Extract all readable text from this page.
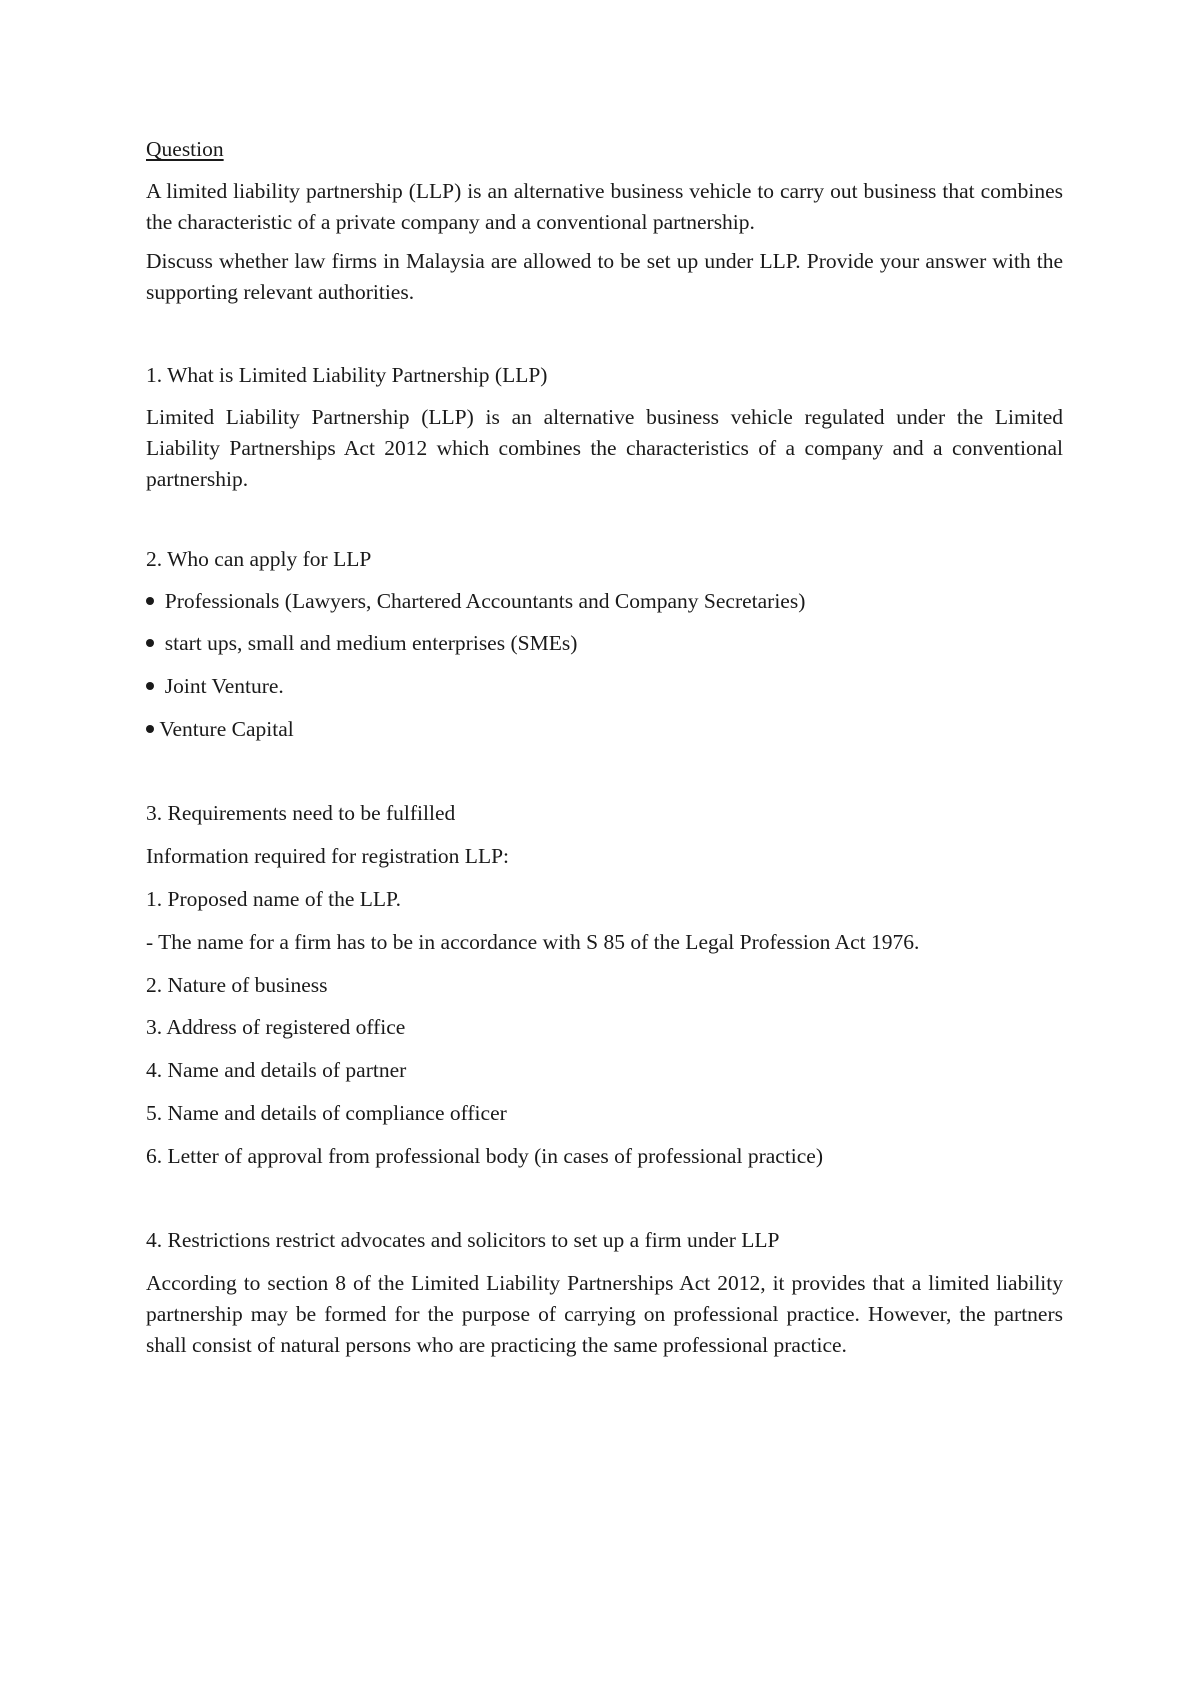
Question

A limited liability partnership (LLP) is an alternative business vehicle to carry out business that combines the characteristic of a private company and a conventional partnership.

Discuss whether law firms in Malaysia are allowed to be set up under LLP. Provide your answer with the supporting relevant authorities.

1. What is Limited Liability Partnership (LLP)

Limited Liability Partnership (LLP) is an alternative business vehicle regulated under the Limited Liability Partnerships Act 2012 which combines the characteristics of a company and a conventional partnership.

2. Who can apply for LLP

Professionals (Lawyers, Chartered Accountants and Company Secretaries)

start ups, small and medium enterprises (SMEs)

Joint Venture.

Venture Capital

3. Requirements need to be fulfilled

Information required for registration LLP:

1. Proposed name of the LLP.

- The name for a firm has to be in accordance with S 85 of the Legal Profession Act 1976.

2. Nature of business

3. Address of registered office

4. Name and details of partner

5. Name and details of compliance officer

6. Letter of approval from professional body (in cases of professional practice)

4. Restrictions restrict advocates and solicitors to set up a firm under LLP

According to section 8 of the Limited Liability Partnerships Act 2012, it provides that a limited liability partnership may be formed for the purpose of carrying on professional practice. However, the partners shall consist of natural persons who are practicing the same professional practice.
